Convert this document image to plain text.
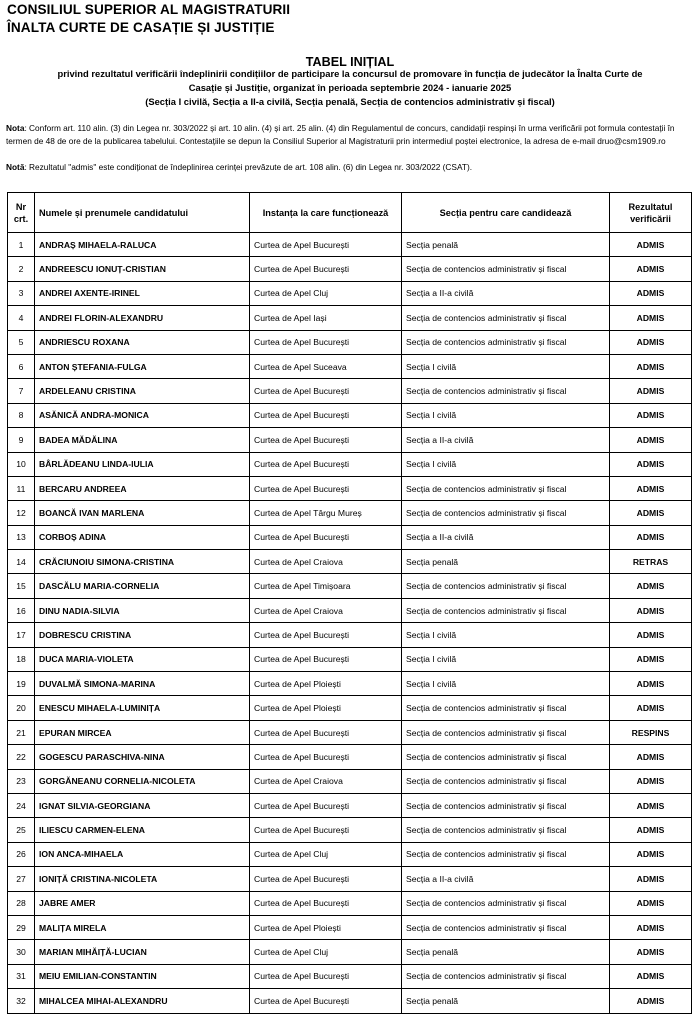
CONSILIUL SUPERIOR AL MAGISTRATURII
ÎNALTA CURTE DE CASAȚIE ȘI JUSTIȚIE
TABEL INIȚIAL
privind rezultatul verificării îndeplinirii condițiilor de participare la concursul de promovare în funcția de judecător la Înalta Curte de
Casație și Justiție, organizat în perioada septembrie 2024 - ianuarie 2025
(Secția I civilă, Secția a II-a civilă, Secția penală, Secția de contencios administrativ și fiscal)
Nota: Conform art. 110 alin. (3) din Legea nr. 303/2022 și art. 10 alin. (4) și art. 25 alin. (4) din Regulamentul de concurs, candidații respinși în urma verificării pot formula contestații în termen de 48 de ore de la publicarea tabelului. Contestațiile se depun la Consiliul Superior al Magistraturii prin intermediul poștei electronice, la adresa de e-mail druo@csm1909.ro
Notă: Rezultatul "admis" este condiționat de îndeplinirea cerinței prevăzute de art. 108 alin. (6) din Legea nr. 303/2022 (CSAT).
Nr
crt.	Numele și prenumele candidatului	Instanța la care funcționează	Secția pentru care candidează	Rezultatul
verificării
1	ANDRAȘ MIHAELA-RALUCA	Curtea de Apel București	Secția penală	ADMIS
2	ANDREESCU IONUȚ-CRISTIAN	Curtea de Apel București	Secția de contencios administrativ și fiscal	ADMIS
3	ANDREI AXENTE-IRINEL	Curtea de Apel Cluj	Secția a II-a civilă	ADMIS
4	ANDREI FLORIN-ALEXANDRU	Curtea de Apel Iași	Secția de contencios administrativ și fiscal	ADMIS
5	ANDRIESCU ROXANA	Curtea de Apel București	Secția de contencios administrativ și fiscal	ADMIS
6	ANTON ȘTEFANIA-FULGA	Curtea de Apel Suceava	Secția I civilă	ADMIS
7	ARDELEANU CRISTINA	Curtea de Apel București	Secția de contencios administrativ și fiscal	ADMIS
8	ASĂNICĂ ANDRA-MONICA	Curtea de Apel București	Secția I civilă	ADMIS
9	BADEA MĂDĂLINA	Curtea de Apel București	Secția a II-a civilă	ADMIS
10	BÂRLĂDEANU LINDA-IULIA	Curtea de Apel București	Secția I civilă	ADMIS
11	BERCARU ANDREEA	Curtea de Apel București	Secția de contencios administrativ și fiscal	ADMIS
12	BOANCĂ IVAN MARLENA	Curtea de Apel Târgu Mureș	Secția de contencios administrativ și fiscal	ADMIS
13	CORBOȘ ADINA	Curtea de Apel București	Secția a II-a civilă	ADMIS
14	CRĂCIUNOIU SIMONA-CRISTINA	Curtea de Apel Craiova	Secția penală	RETRAS
15	DASCĂLU MARIA-CORNELIA	Curtea de Apel Timișoara	Secția de contencios administrativ și fiscal	ADMIS
16	DINU NADIA-SILVIA	Curtea de Apel Craiova	Secția de contencios administrativ și fiscal	ADMIS
17	DOBRESCU CRISTINA	Curtea de Apel București	Secția I civilă	ADMIS
18	DUCA MARIA-VIOLETA	Curtea de Apel București	Secția I civilă	ADMIS
19	DUVALMĂ SIMONA-MARINA	Curtea de Apel Ploiești	Secția I civilă	ADMIS
20	ENESCU MIHAELA-LUMINIȚA	Curtea de Apel Ploiești	Secția de contencios administrativ și fiscal	ADMIS
21	EPURAN MIRCEA	Curtea de Apel București	Secția de contencios administrativ și fiscal	RESPINS
22	GOGESCU PARASCHIVA-NINA	Curtea de Apel București	Secția de contencios administrativ și fiscal	ADMIS
23	GORGĂNEANU CORNELIA-NICOLETA	Curtea de Apel Craiova	Secția de contencios administrativ și fiscal	ADMIS
24	IGNAT SILVIA-GEORGIANA	Curtea de Apel București	Secția de contencios administrativ și fiscal	ADMIS
25	ILIESCU CARMEN-ELENA	Curtea de Apel București	Secția de contencios administrativ și fiscal	ADMIS
26	ION ANCA-MIHAELA	Curtea de Apel Cluj	Secția de contencios administrativ și fiscal	ADMIS
27	IONIȚĂ CRISTINA-NICOLETA	Curtea de Apel București	Secția a II-a civilă	ADMIS
28	JABRE AMER	Curtea de Apel București	Secția de contencios administrativ și fiscal	ADMIS
29	MALIȚA MIRELA	Curtea de Apel Ploiești	Secția de contencios administrativ și fiscal	ADMIS
30	MARIAN MIHĂIȚĂ-LUCIAN	Curtea de Apel Cluj	Secția penală	ADMIS
31	MEIU EMILIAN-CONSTANTIN	Curtea de Apel București	Secția de contencios administrativ și fiscal	ADMIS
32	MIHALCEA MIHAI-ALEXANDRU	Curtea de Apel București	Secția penală	ADMIS
